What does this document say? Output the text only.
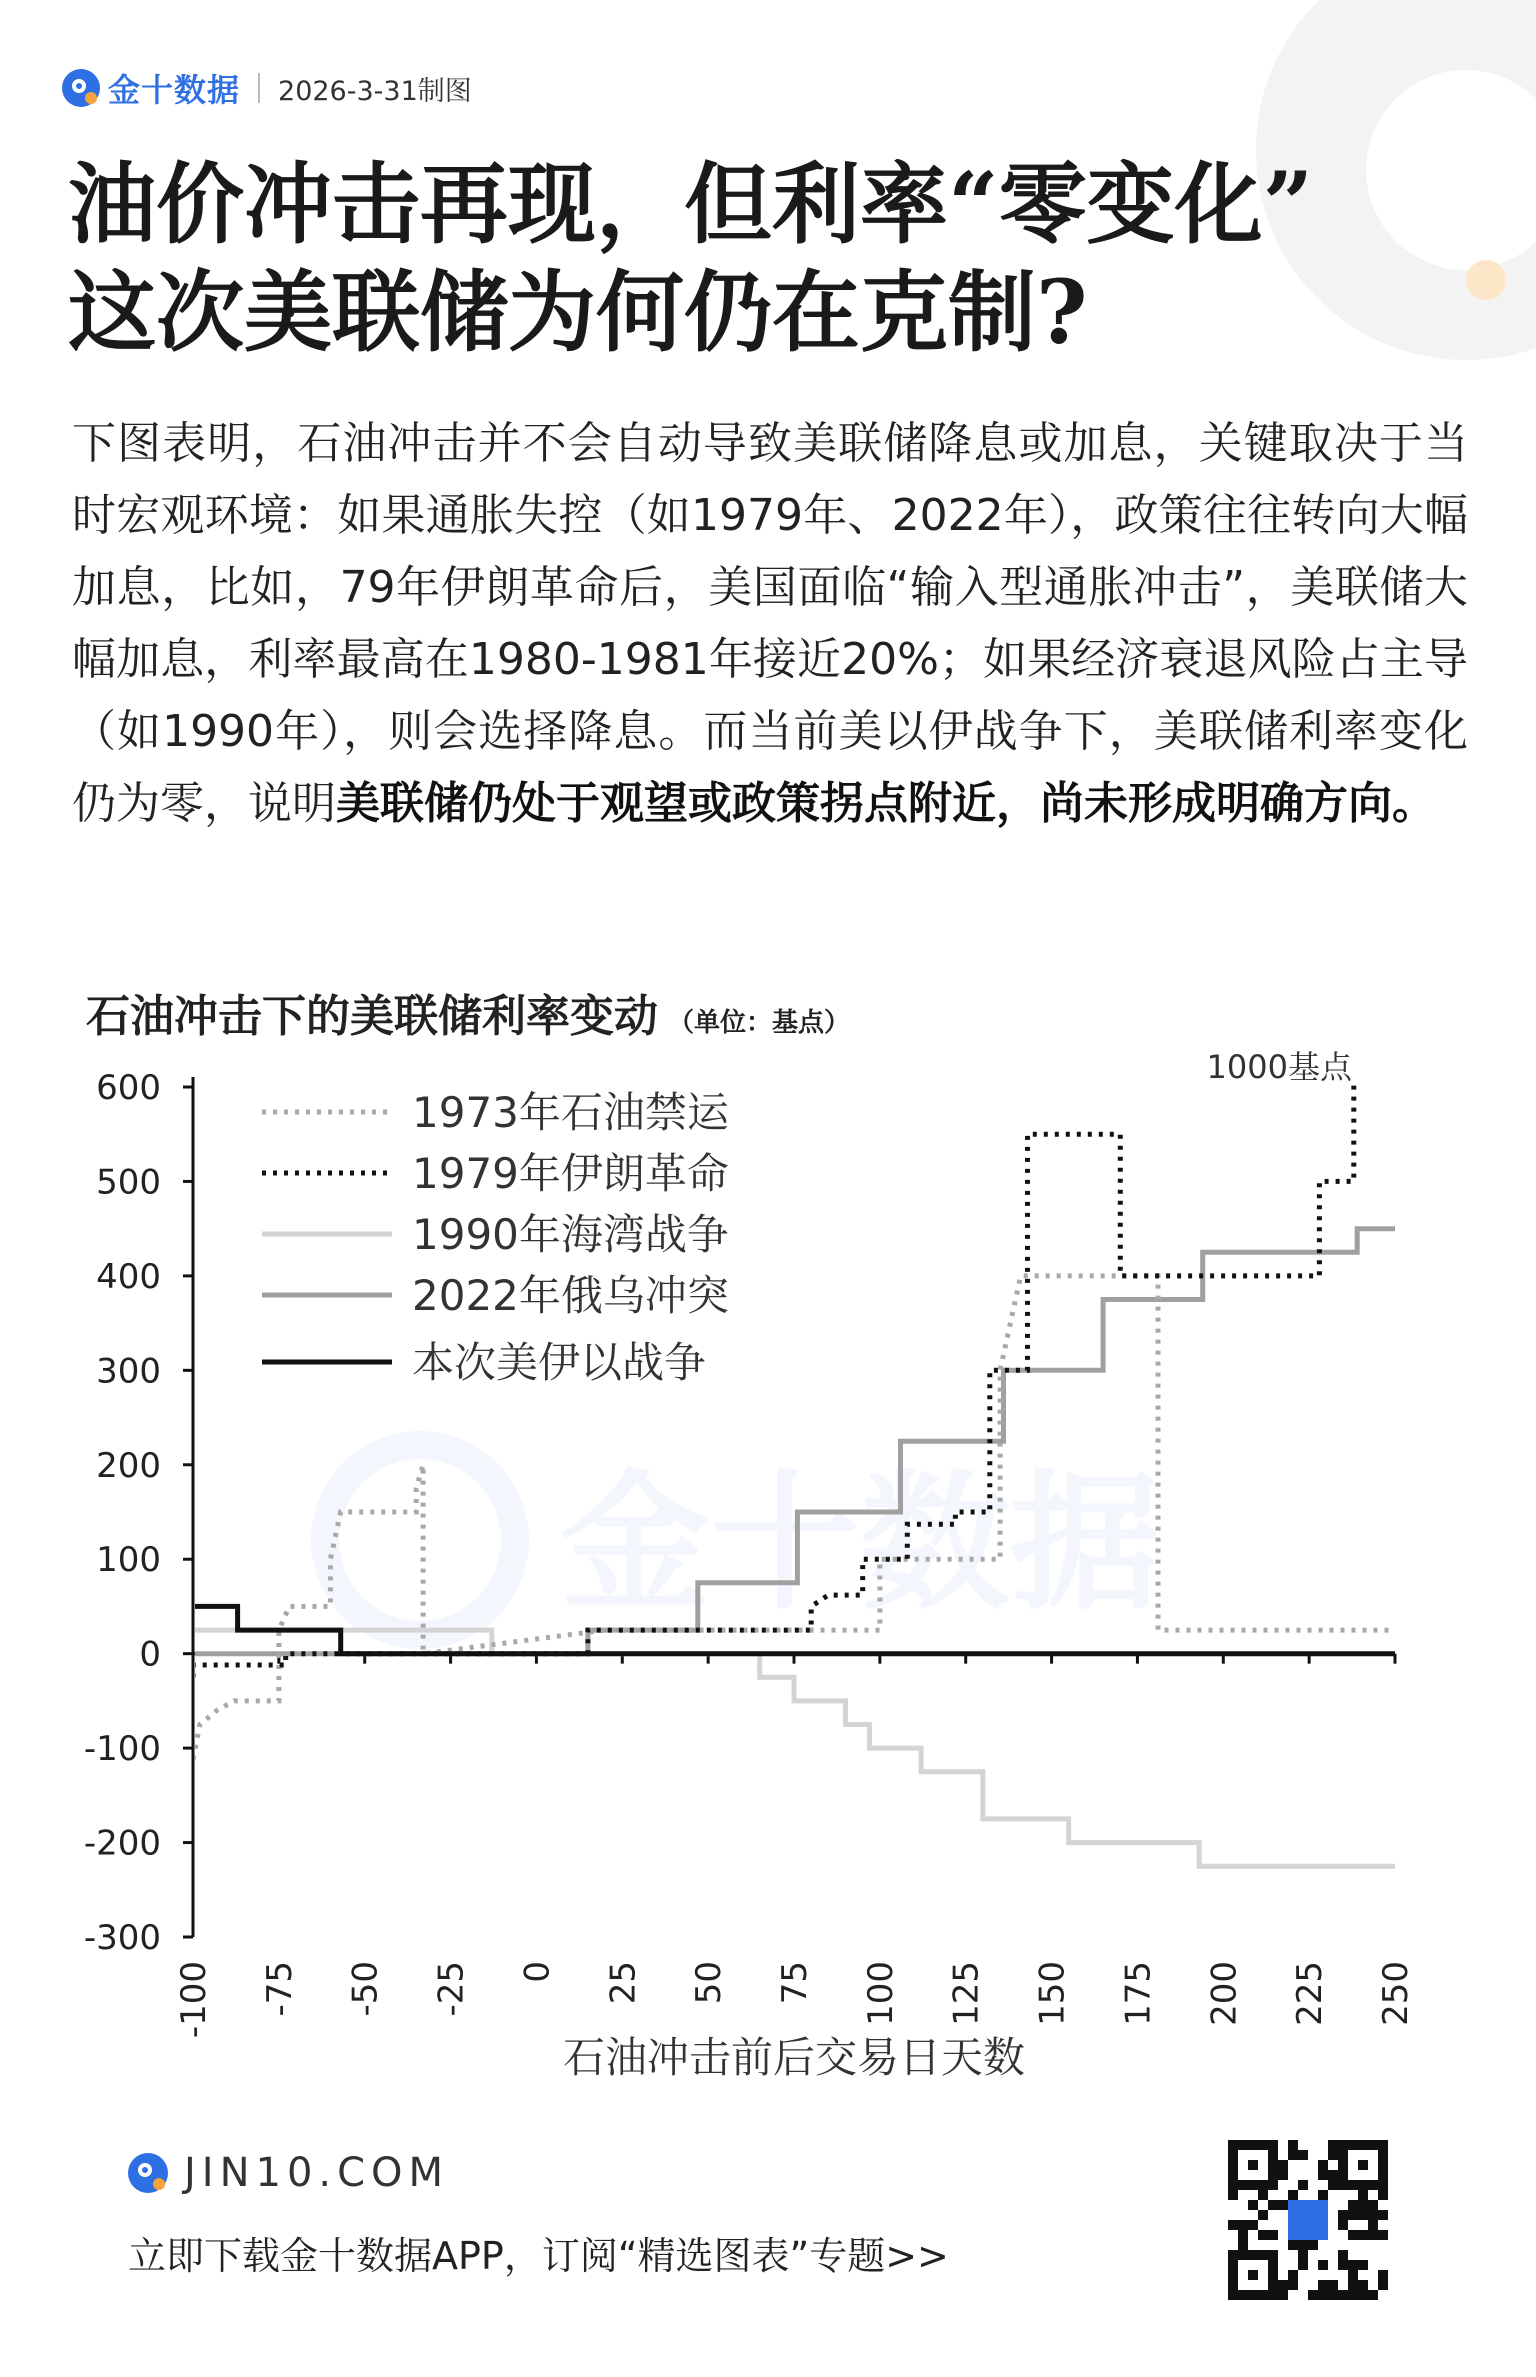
金十数据 2026-3-31制图
油价冲击再现，但利率“零变化”
这次美联储为何仍在克制?
下图表明，石油冲击并不会自动导致美联储降息或加息，关键取决于当时宏观环境：如果通胀失控（如1979年、2022年），政策往往转向大幅加息，比如，79年伊朗革命后，美国面临“输入型通胀冲击”，美联储大幅加息，利率最高在1980-1981年接近20%；如果经济衰退风险占主导（如1990年），则会选择降息。而当前美以伊战争下，美联储利率变化仍为零，说明美联储仍处于观望或政策拐点附近，尚未形成明确方向。
石油冲击下的美联储利率变动 （单位：基点）
金十数据
600
500
400
300
200
100
0
-100
-200
-300
-100 -75 -50 -25 0 25 50 75 100 125 150 175 200 225 250
石油冲击前后交易日天数
1000基点
1973年石油禁运
1979年伊朗革命
1990年海湾战争
2022年俄乌冲突
本次美伊以战争
JIN10.COM
立即下载金十数据APP，订阅“精选图表”专题>>
